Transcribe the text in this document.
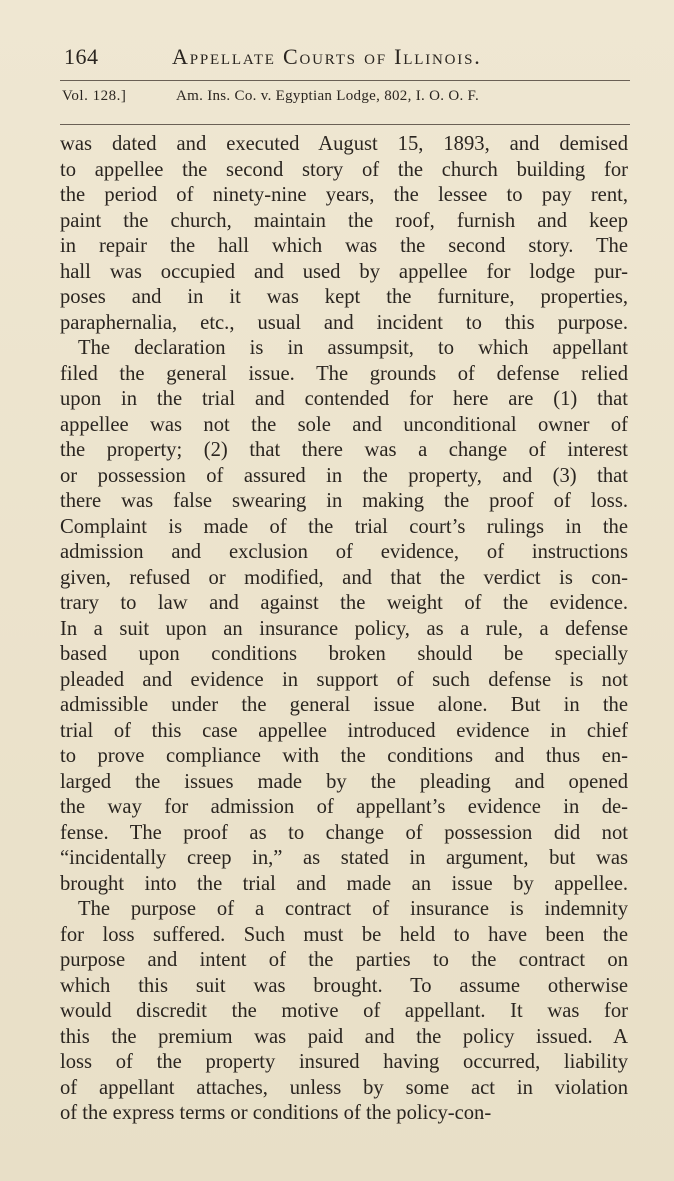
164	Appellate Courts of Illinois.
Vol. 128.]	Am. Ins. Co. v. Egyptian Lodge, 802, I. O. O. F.
was dated and executed August 15, 1893, and demised
to appellee the second story of the church building for
the period of ninety-nine years, the lessee to pay rent,
paint the church, maintain the roof, furnish and keep
in repair the hall which was the second story. The
hall was occupied and used by appellee for lodge pur-
poses and in it was kept the furniture, properties,
paraphernalia, etc., usual and incident to this purpose.
The declaration is in assumpsit, to which appellant
filed the general issue. The grounds of defense relied
upon in the trial and contended for here are (1) that
appellee was not the sole and unconditional owner of
the property; (2) that there was a change of interest
or possession of assured in the property, and (3) that
there was false swearing in making the proof of loss.
Complaint is made of the trial court’s rulings in the
admission and exclusion of evidence, of instructions
given, refused or modified, and that the verdict is con-
trary to law and against the weight of the evidence.
In a suit upon an insurance policy, as a rule, a defense
based upon conditions broken should be specially
pleaded and evidence in support of such defense is not
admissible under the general issue alone. But in the
trial of this case appellee introduced evidence in chief
to prove compliance with the conditions and thus en-
larged the issues made by the pleading and opened
the way for admission of appellant’s evidence in de-
fense. The proof as to change of possession did not
“incidentally creep in,” as stated in argument, but was
brought into the trial and made an issue by appellee.
The purpose of a contract of insurance is indemnity
for loss suffered. Such must be held to have been the
purpose and intent of the parties to the contract on
which this suit was brought. To assume otherwise
would discredit the motive of appellant. It was for
this the premium was paid and the policy issued. A
loss of the property insured having occurred, liability
of appellant attaches, unless by some act in violation
of the express terms or conditions of the policy-con-
